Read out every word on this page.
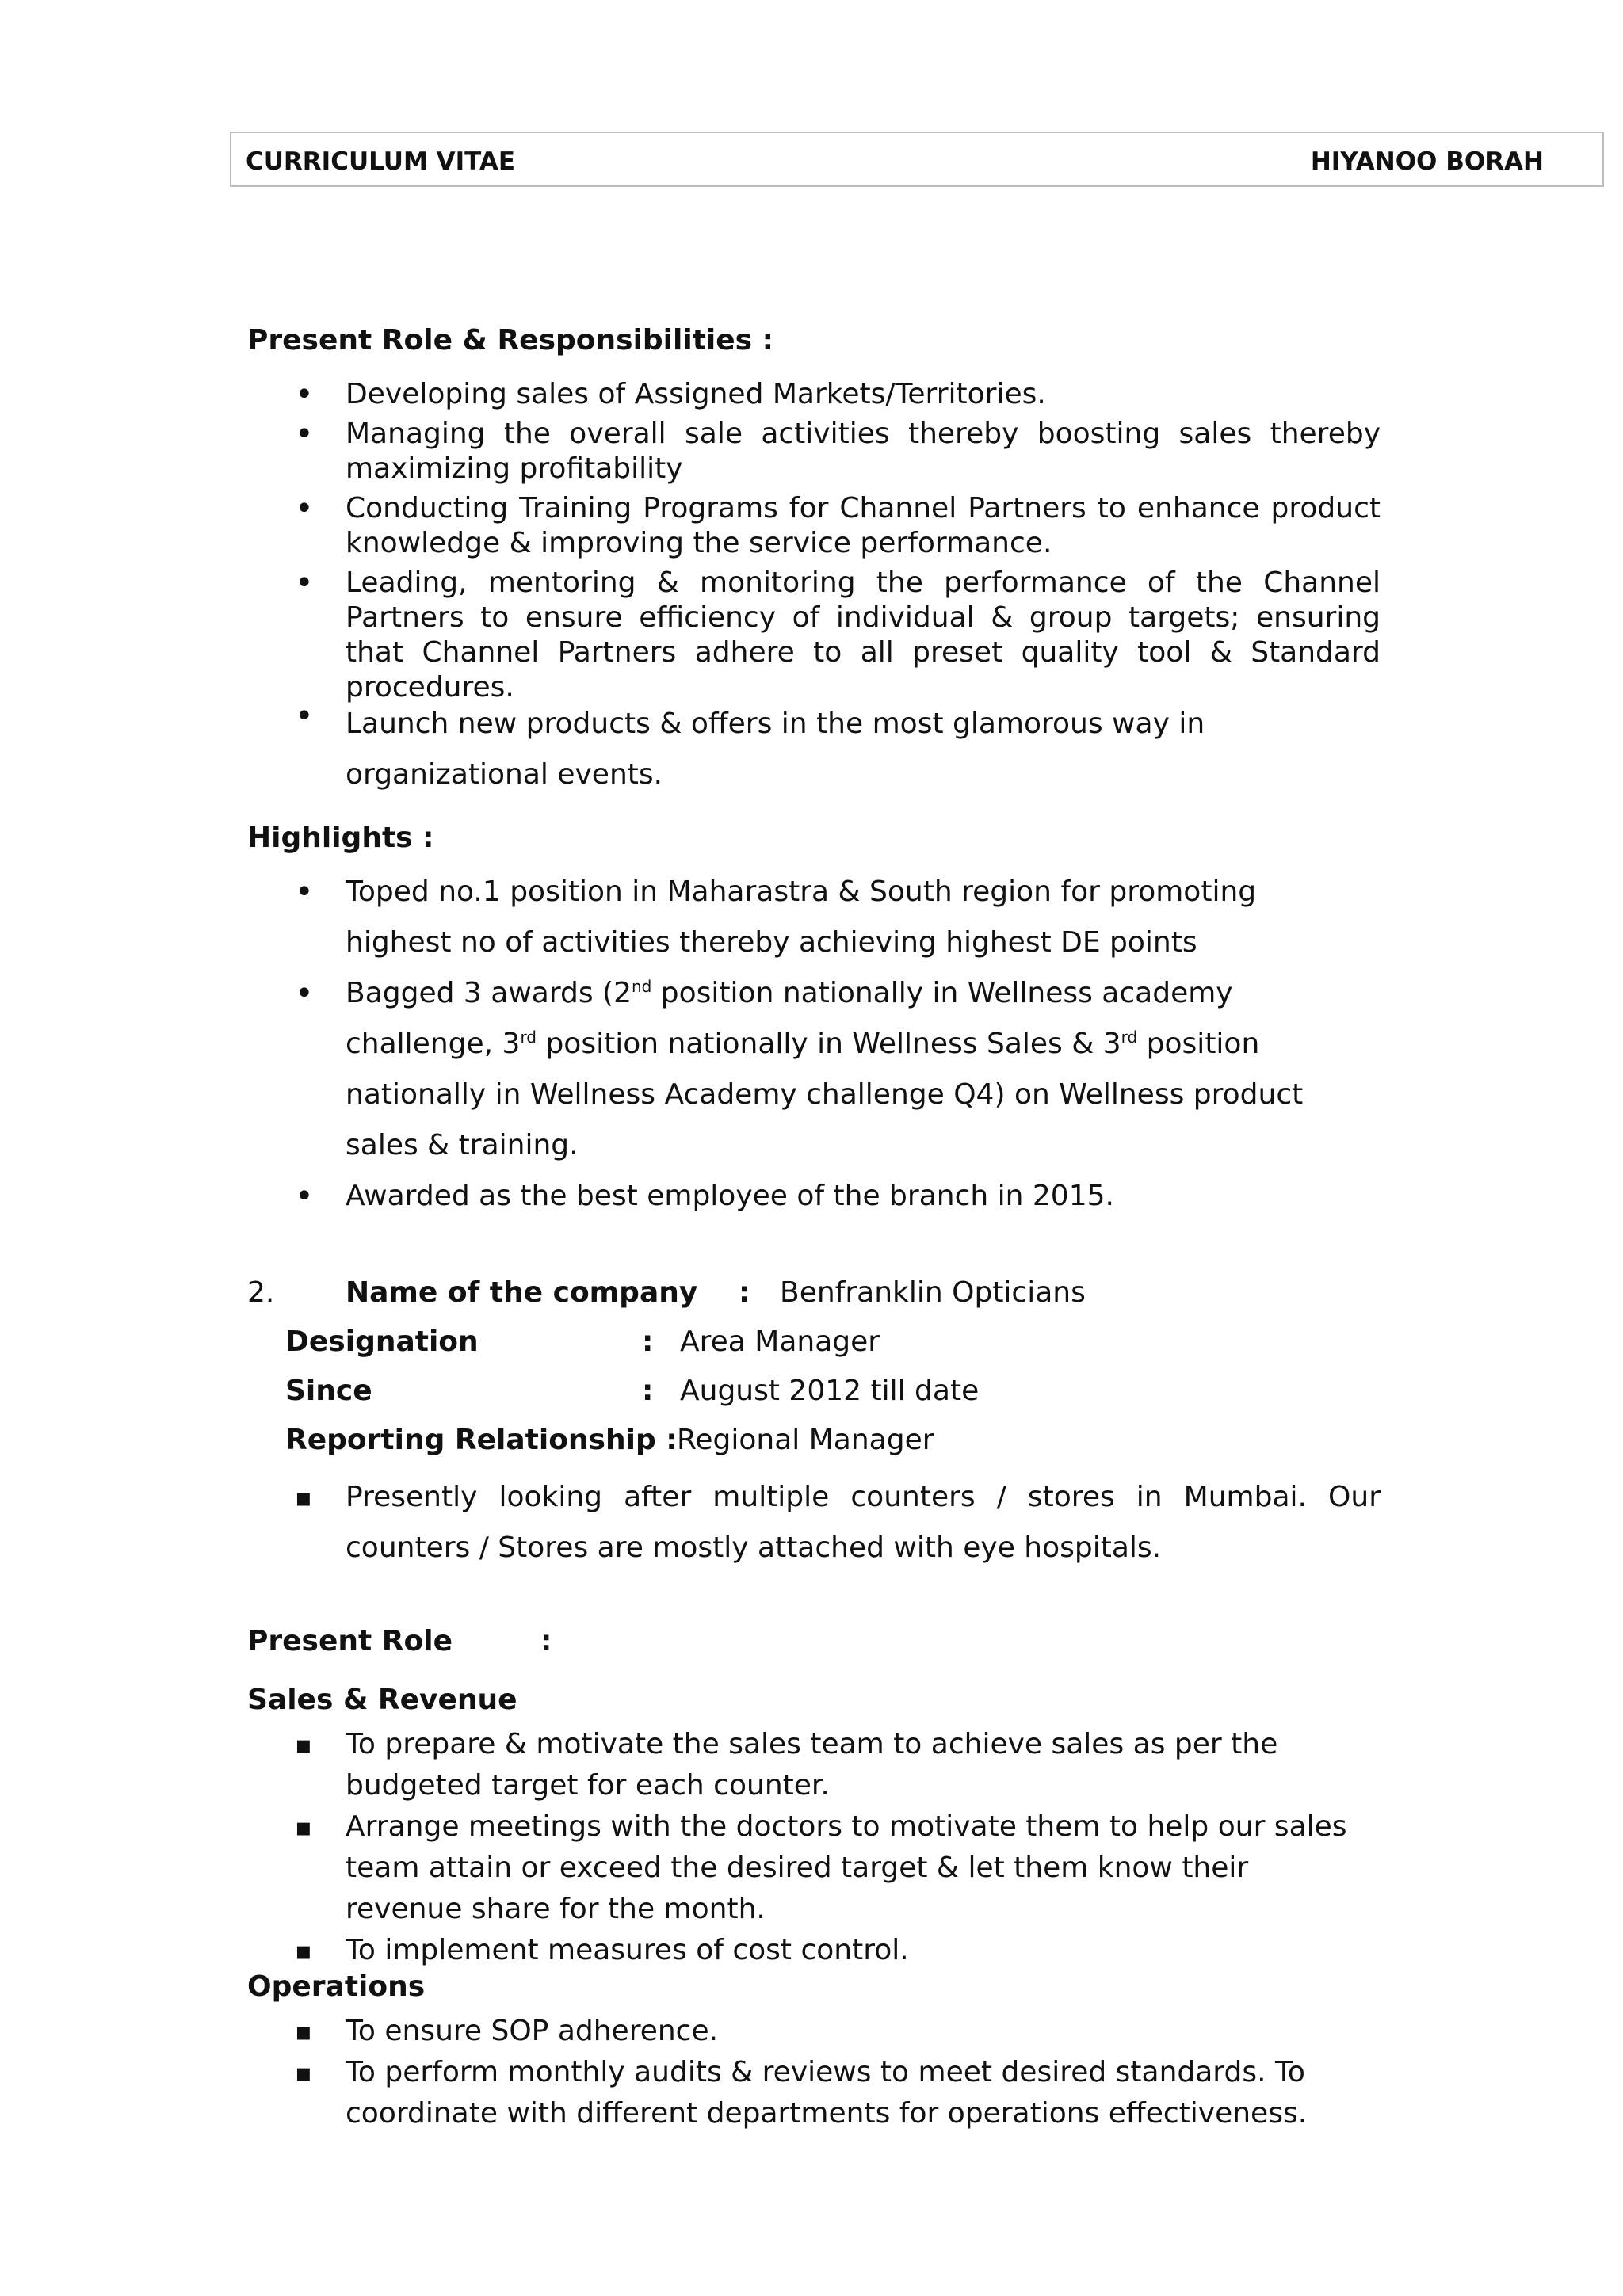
CURRICULUM VITAE	HIYANOO BORAH
Present Role & Responsibilities :
•
Developing sales of Assigned Markets/Territories.
•
Managing the overall sale activities thereby boosting sales thereby maximizing profitability
•
Conducting Training Programs for Channel Partners to enhance product knowledge & improving the service performance.
•
Leading, mentoring & monitoring the performance of the Channel Partners to ensure efficiency of individual & group targets; ensuring that Channel Partners adhere to all preset quality tool & Standard procedures.
•
Launch new products & offers in the most glamorous way in organizational events.
Highlights :
•
Toped no.1 position in Maharastra & South region for promoting highest no of activities thereby achieving highest DE points
•
Bagged 3 awards (2nd position nationally in Wellness academy challenge, 3rd position nationally in Wellness Sales & 3rd position nationally in Wellness Academy challenge Q4) on Wellness product sales & training.
•
Awarded as the best employee of the branch in 2015.
2. Name of the company : Benfranklin Opticians
Designation	: Area Manager
Since	: August 2012 till date
Reporting Relationship : Regional Manager
▪
Presently looking after multiple counters / stores in Mumbai. Our counters / Stores are mostly attached with eye hospitals.
Present Role	:
Sales & Revenue
▪
To prepare & motivate the sales team to achieve sales as per the budgeted target for each counter.
▪
Arrange meetings with the doctors to motivate them to help our sales team attain or exceed the desired target & let them know their revenue share for the month.
▪
To implement measures of cost control.
Operations
▪
To ensure SOP adherence.
▪
To perform monthly audits & reviews to meet desired standards. To coordinate with different departments for operations effectiveness.
